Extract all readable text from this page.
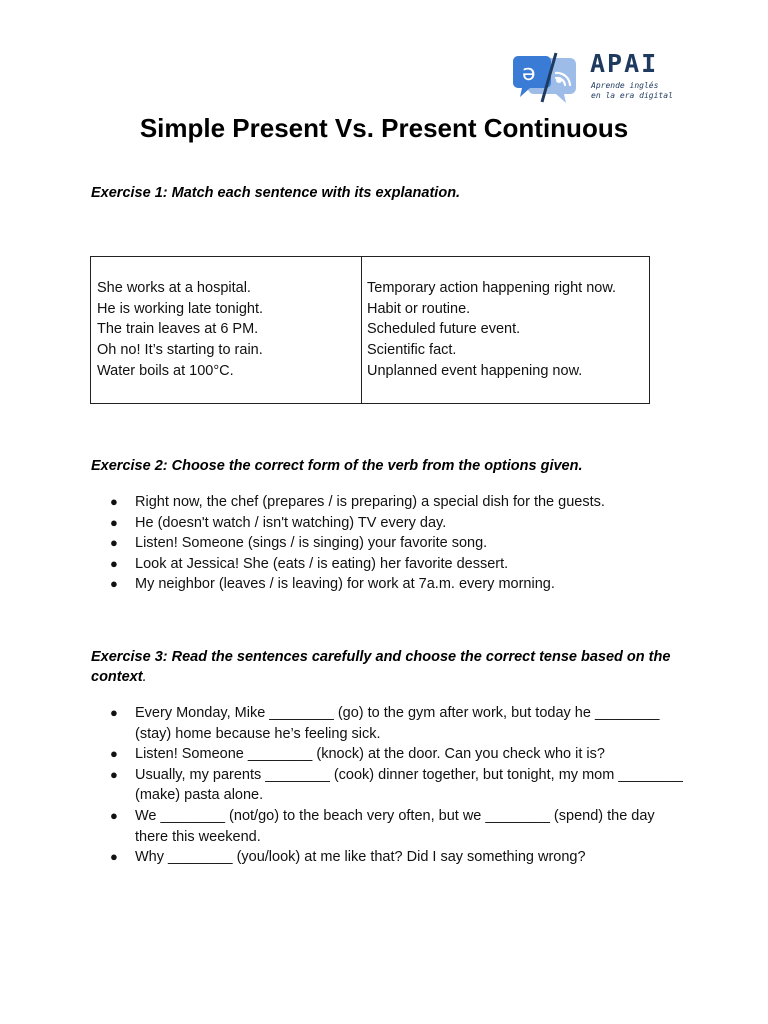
ə APAI
Aprende inglés
en la era digital
Simple Present Vs. Present Continuous
Exercise 1: Match each sentence with its explanation.
She works at a hospital.
He is working late tonight.
The train leaves at 6 PM.
Oh no! It’s starting to rain.
Water boils at 100°C.
Temporary action happening right now.
Habit or routine.
Scheduled future event.
Scientific fact.
Unplanned event happening now.
Exercise 2: Choose the correct form of the verb from the options given.
● Right now, the chef (prepares / is preparing) a special dish for the guests.
● He (doesn't watch / isn't watching) TV every day.
● Listen! Someone (sings / is singing) your favorite song.
● Look at Jessica! She (eats / is eating) her favorite dessert.
● My neighbor (leaves / is leaving) for work at 7a.m. every morning.
Exercise 3: Read the sentences carefully and choose the correct tense based on the context.
● Every Monday, Mike ________ (go) to the gym after work, but today he ________ (stay) home because he’s feeling sick.
● Listen! Someone ________ (knock) at the door. Can you check who it is?
● Usually, my parents ________ (cook) dinner together, but tonight, my mom ________ (make) pasta alone.
● We ________ (not/go) to the beach very often, but we ________ (spend) the day there this weekend.
● Why ________ (you/look) at me like that? Did I say something wrong?
